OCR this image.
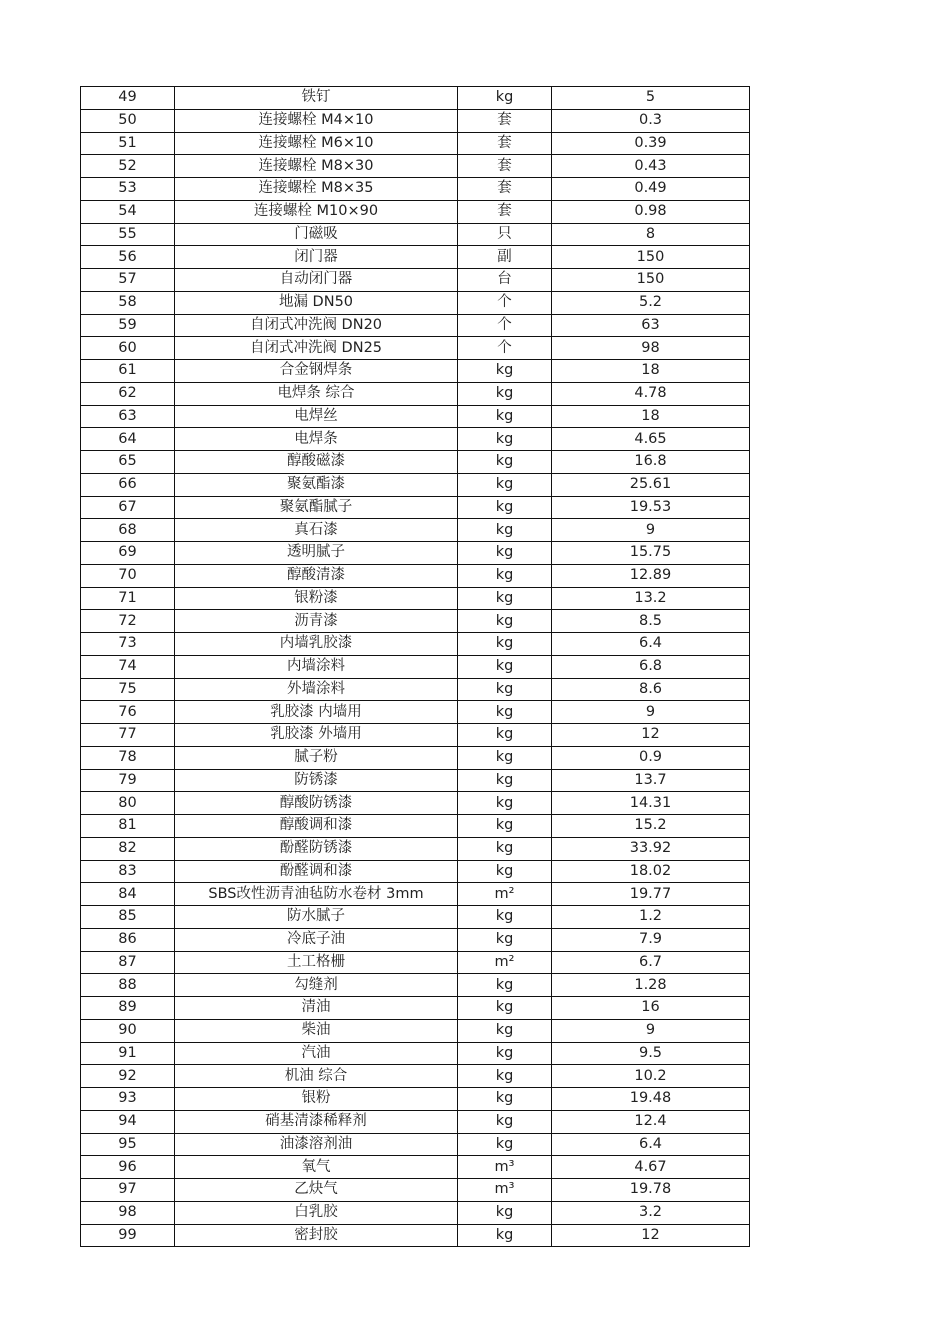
49	铁钉	kg	5
50	连接螺栓 M4×10	套	0.3
51	连接螺栓 M6×10	套	0.39
52	连接螺栓 M8×30	套	0.43
53	连接螺栓 M8×35	套	0.49
54	连接螺栓 M10×90	套	0.98
55	门磁吸	只	8
56	闭门器	副	150
57	自动闭门器	台	150
58	地漏 DN50	个	5.2
59	自闭式冲洗阀 DN20	个	63
60	自闭式冲洗阀 DN25	个	98
61	合金钢焊条	kg	18
62	电焊条 综合	kg	4.78
63	电焊丝	kg	18
64	电焊条	kg	4.65
65	醇酸磁漆	kg	16.8
66	聚氨酯漆	kg	25.61
67	聚氨酯腻子	kg	19.53
68	真石漆	kg	9
69	透明腻子	kg	15.75
70	醇酸清漆	kg	12.89
71	银粉漆	kg	13.2
72	沥青漆	kg	8.5
73	内墙乳胶漆	kg	6.4
74	内墙涂料	kg	6.8
75	外墙涂料	kg	8.6
76	乳胶漆 内墙用	kg	9
77	乳胶漆 外墙用	kg	12
78	腻子粉	kg	0.9
79	防锈漆	kg	13.7
80	醇酸防锈漆	kg	14.31
81	醇酸调和漆	kg	15.2
82	酚醛防锈漆	kg	33.92
83	酚醛调和漆	kg	18.02
84	SBS改性沥青油毡防水卷材 3mm	m²	19.77
85	防水腻子	kg	1.2
86	冷底子油	kg	7.9
87	土工格栅	m²	6.7
88	勾缝剂	kg	1.28
89	清油	kg	16
90	柴油	kg	9
91	汽油	kg	9.5
92	机油 综合	kg	10.2
93	银粉	kg	19.48
94	硝基清漆稀释剂	kg	12.4
95	油漆溶剂油	kg	6.4
96	氧气	m³	4.67
97	乙炔气	m³	19.78
98	白乳胶	kg	3.2
99	密封胶	kg	12
